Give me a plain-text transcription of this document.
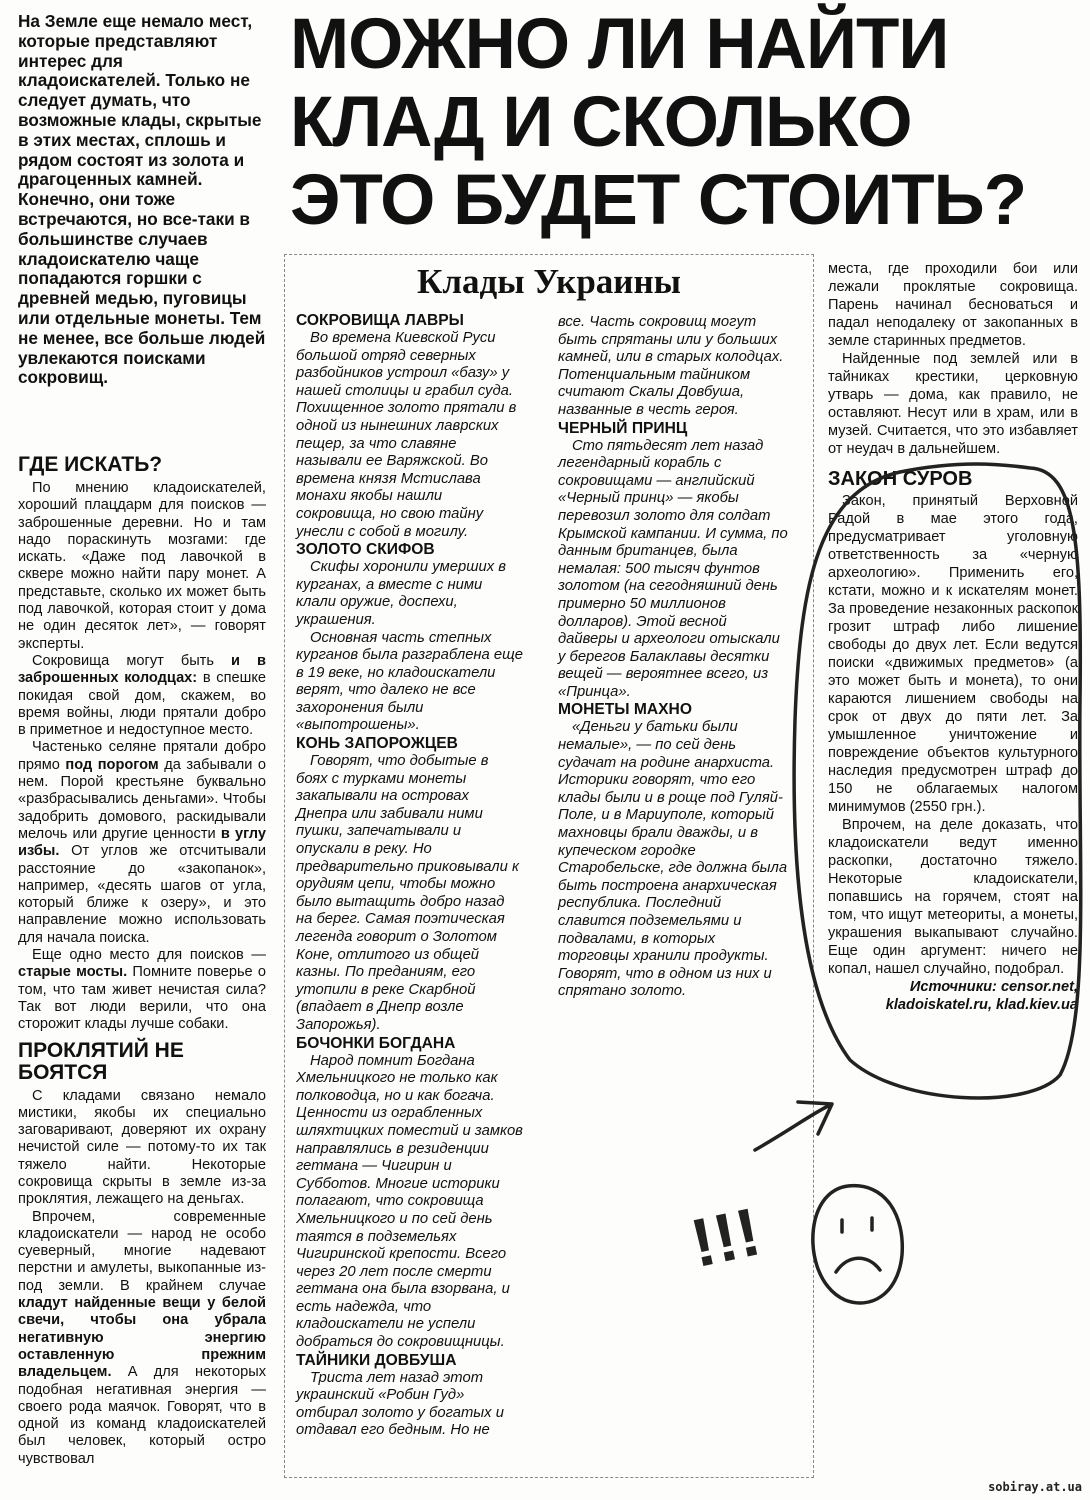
На Земле еще немало мест, которые представляют интерес для кладоискателей. Только не следует думать, что возможные клады, скрытые в этих местах, сплошь и рядом состоят из золота и драгоценных камней. Конечно, они тоже встречаются, но все-таки в большинстве случаев кладоискателю чаще попадаются горшки с древней медью, пуговицы или отдельные монеты. Тем не менее, все больше людей увлекаются поисками сокровищ.
МОЖНО ЛИ НАЙТИ
КЛАД И СКОЛЬКО
ЭТО БУДЕТ СТОИТЬ?
ГДЕ ИСКАТЬ?

По мнению кладоискателей, хороший плацдарм для поисков — заброшенные деревни. Но и там надо пораскинуть мозгами: где искать. «Даже под лавочкой в сквере можно найти пару монет. А представьте, сколько их может быть под лавочкой, которая стоит у дома не один десяток лет», — говорят эксперты.

Сокровища могут быть и в заброшенных колодцах: в спешке покидая свой дом, скажем, во время войны, люди прятали добро в приметное и недоступное место.

Частенько селяне прятали добро прямо под порогом да забывали о нем. Порой крестьяне буквально «разбрасывались деньгами». Чтобы задобрить домового, раскидывали мелочь или другие ценности в углу избы. От углов же отсчитывали расстояние до «закопанок», например, «десять шагов от угла, который ближе к озеру», и это направление можно использовать для начала поиска.

Еще одно место для поисков — старые мосты. Помните поверье о том, что там живет нечистая сила? Так вот люди верили, что она сторожит клады лучше собаки.

ПРОКЛЯТИЙ НЕ БОЯТСЯ

С кладами связано немало мистики, якобы их специально заговаривают, доверяют их охрану нечистой силе — потому-то их так тяжело найти. Некоторые сокровища скрыты в земле из-за проклятия, лежащего на деньгах.

Впрочем, современные кладоискатели — народ не особо суеверный, многие надевают перстни и амулеты, выкопанные из-под земли. В крайнем случае кладут найденные вещи у белой свечи, чтобы она убрала негативную энергию оставленную прежним владельцем. А для некоторых подобная негативная энергия — своего рода маячок. Говорят, что в одной из команд кладоискателей был человек, который остро чувствовал

Клады Украины
СОКРОВИЩА ЛАВРЫ

Во времена Киевской Руси большой отряд северных разбойников устроил «базу» у нашей столицы и грабил суда. Похищенное золото прятали в одной из нынешних лаврских пещер, за что славяне называли ее Варяжской. Во времена князя Мстислава монахи якобы нашли сокровища, но свою тайну унесли с собой в могилу.

ЗОЛОТО СКИФОВ

Скифы хоронили умерших в курганах, а вместе с ними клали оружие, доспехи, украшения.

Основная часть степных курганов была разграблена еще в 19 веке, но кладоискатели верят, что далеко не все захоронения были «выпотрошены».

КОНЬ ЗАПОРОЖЦЕВ

Говорят, что добытые в боях с турками монеты закапывали на островах Днепра или забивали ними пушки, запечатывали и опускали в реку. Но предварительно приковывали к орудиям цепи, чтобы можно было вытащить добро назад на берег. Самая поэтическая легенда говорит о Золотом Коне, отлитого из общей казны. По преданиям, его утопили в реке Скарбной (впадает в Днепр возле Запорожья).

БОЧОНКИ БОГДАНА

Народ помнит Богдана Хмельницкого не только как полководца, но и как богача. Ценности из ограбленных шляхтицких поместий и замков направлялись в резиденции гетмана — Чигирин и Субботов. Многие историки полагают, что сокровища Хмельницкого и по сей день таятся в подземельях Чигиринской крепости. Всего через 20 лет после смерти гетмана она была взорвана, и есть надежда, что кладоискатели не успели добраться до сокровищницы.

ТАЙНИКИ ДОВБУША

Триста лет назад этот украинский «Робин Гуд» отбирал золото у богатых и отдавал его бедным. Но не

все. Часть сокровищ могут быть спрятаны или у больших камней, или в старых колодцах. Потенциальным тайником считают Скалы Довбуша, названные в честь героя.

ЧЕРНЫЙ ПРИНЦ

Сто пятьдесят лет назад легендарный корабль с сокровищами — английский «Черный принц» — якобы перевозил золото для солдат Крымской кампании. И сумма, по данным британцев, была немалая: 500 тысяч фунтов золотом (на сегодняшний день примерно 50 миллионов долларов). Этой весной дайверы и археологи отыскали у берегов Балаклавы десятки вещей — вероятнее всего, из «Принца».

МОНЕТЫ МАХНО

«Деньги у батьки были немалые», — по сей день судачат на родине анархиста. Историки говорят, что его клады были и в роще под Гуляй-Поле, и в Мариуполе, который махновцы брали дважды, и в купеческом городке Старобельске, где должна была быть построена анархическая республика. Последний славится подземельями и подвалами, в которых торговцы хранили продукты. Говорят, что в одном из них и спрятано золото.

места, где проходили бои или лежали проклятые сокровища. Парень начинал бесноваться и падал неподалеку от закопанных в земле старинных предметов.

Найденные под землей или в тайниках крестики, церковную утварь — дома, как правило, не оставляют. Несут или в храм, или в музей. Считается, что это избавляет от неудач в дальнейшем.

ЗАКОН СУРОВ

Закон, принятый Верховной Радой в мае этого года, предусматривает уголовную ответственность за «черную археологию». Применить его, кстати, можно и к искателям монет. За проведение незаконных раскопок грозит штраф либо лишение свободы до двух лет. Если ведутся поиски «движимых предметов» (а это может быть и монета), то они караются лишением свободы на срок от двух до пяти лет. За умышленное уничтожение и повреждение объектов культурного наследия предусмотрен штраф до 150 не облагаемых налогом минимумов (2550 грн.).

Впрочем, на деле доказать, что кладоискатели ведут именно раскопки, достаточно тяжело. Некоторые кладоискатели, попавшись на горячем, стоят на том, что ищут метеориты, а монеты, украшения выкапывают случайно. Еще один аргумент: ничего не копал, нашел случайно, подобрал.

Источники: censor.net,
kladoiskatel.ru, klad.kiev.ua
!!!
sobiray.at.ua
